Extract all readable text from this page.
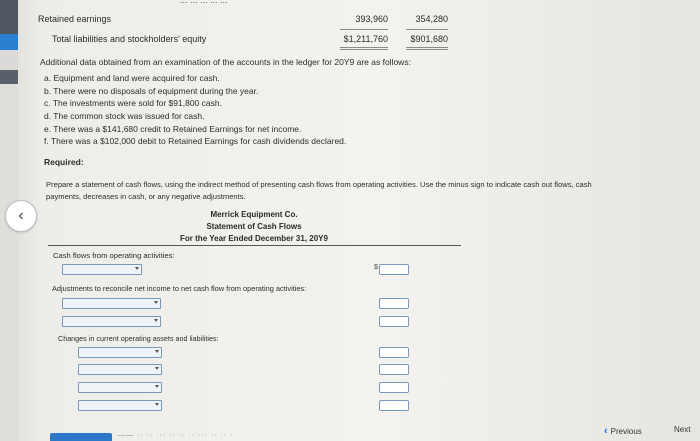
... ... ... ... ...
Retained earnings	393,960	354,280
Total liabilities and stockholders' equity	$1,211,760	$901,680
Additional data obtained from an examination of the accounts in the ledger for 20Y9 are as follows:
a. Equipment and land were acquired for cash.
b. There were no disposals of equipment during the year.
c. The investments were sold for $91,800 cash.
d. The common stock was issued for cash.
e. There was a $141,680 credit to Retained Earnings for net income.
f. There was a $102,000 debit to Retained Earnings for cash dividends declared.
Required:
Prepare a statement of cash flows, using the indirect method of presenting cash flows from operating activities. Use the minus sign to indicate cash out flows, cash
payments, decreases in cash, or any negative adjustments.
‹	Merrick Equipment Co.
Statement of Cash Flows
For the Year Ended December 31, 20Y9
Cash flows from operating activities:
$
Adjustments to reconcile net income to net cash flow from operating activities:
Changes in current operating assets and liabilities:
—— ·· ·· ··· ·· ·· ·· ··· ·· ·· ·	‹ Previous	Next
